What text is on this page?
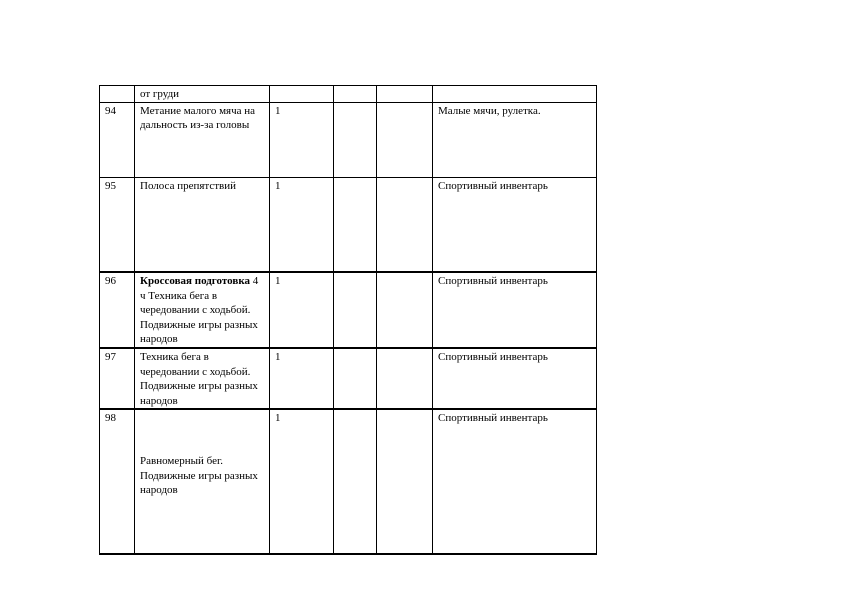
	от груди				
94	Метание малого мяча на дальность из-за головы	1			Малые мячи, рулетка.
95	Полоса препятствий	1			Спортивный инвентарь
96	Кроссовая подготовка 4 ч Техника бега в чередовании с ходьбой. Подвижные игры разных народов	1			Спортивный инвентарь
97	Техника бега в чередовании с ходьбой. Подвижные игры разных народов	1			Спортивный инвентарь
98	Равномерный бег. Подвижные игры разных народов	1			Спортивный инвентарь
